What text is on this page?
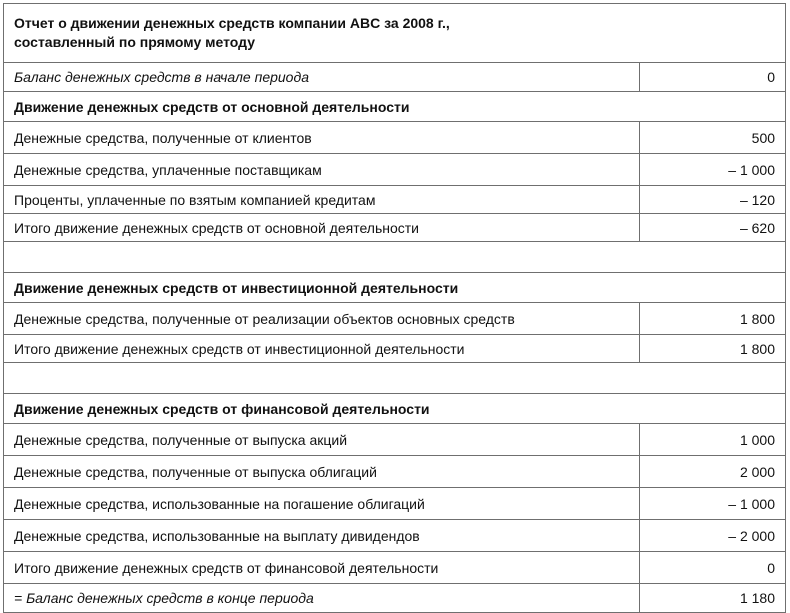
Отчет о движении денежных средств компании ABC за 2008 г.,
составленный по прямому методу	
Баланс денежных средств в начале периода	0
Движение денежных средств от основной деятельности	
Денежные средства, полученные от клиентов	500
Денежные средства, уплаченные поставщикам	– 1 000
Проценты, уплаченные по взятым компанией кредитам	– 120
Итого движение денежных средств от основной деятельности	– 620

Движение денежных средств от инвестиционной деятельности	
Денежные средства, полученные от реализации объектов основных средств	1 800
Итого движение денежных средств от инвестиционной деятельности	1 800

Движение денежных средств от финансовой деятельности	
Денежные средства, полученные от выпуска акций	1 000
Денежные средства, полученные от выпуска облигаций	2 000
Денежные средства, использованные на погашение облигаций	– 1 000
Денежные средства, использованные на выплату дивидендов	– 2 000
Итого движение денежных средств от финансовой деятельности	0
= Баланс денежных средств в конце периода	1 180
